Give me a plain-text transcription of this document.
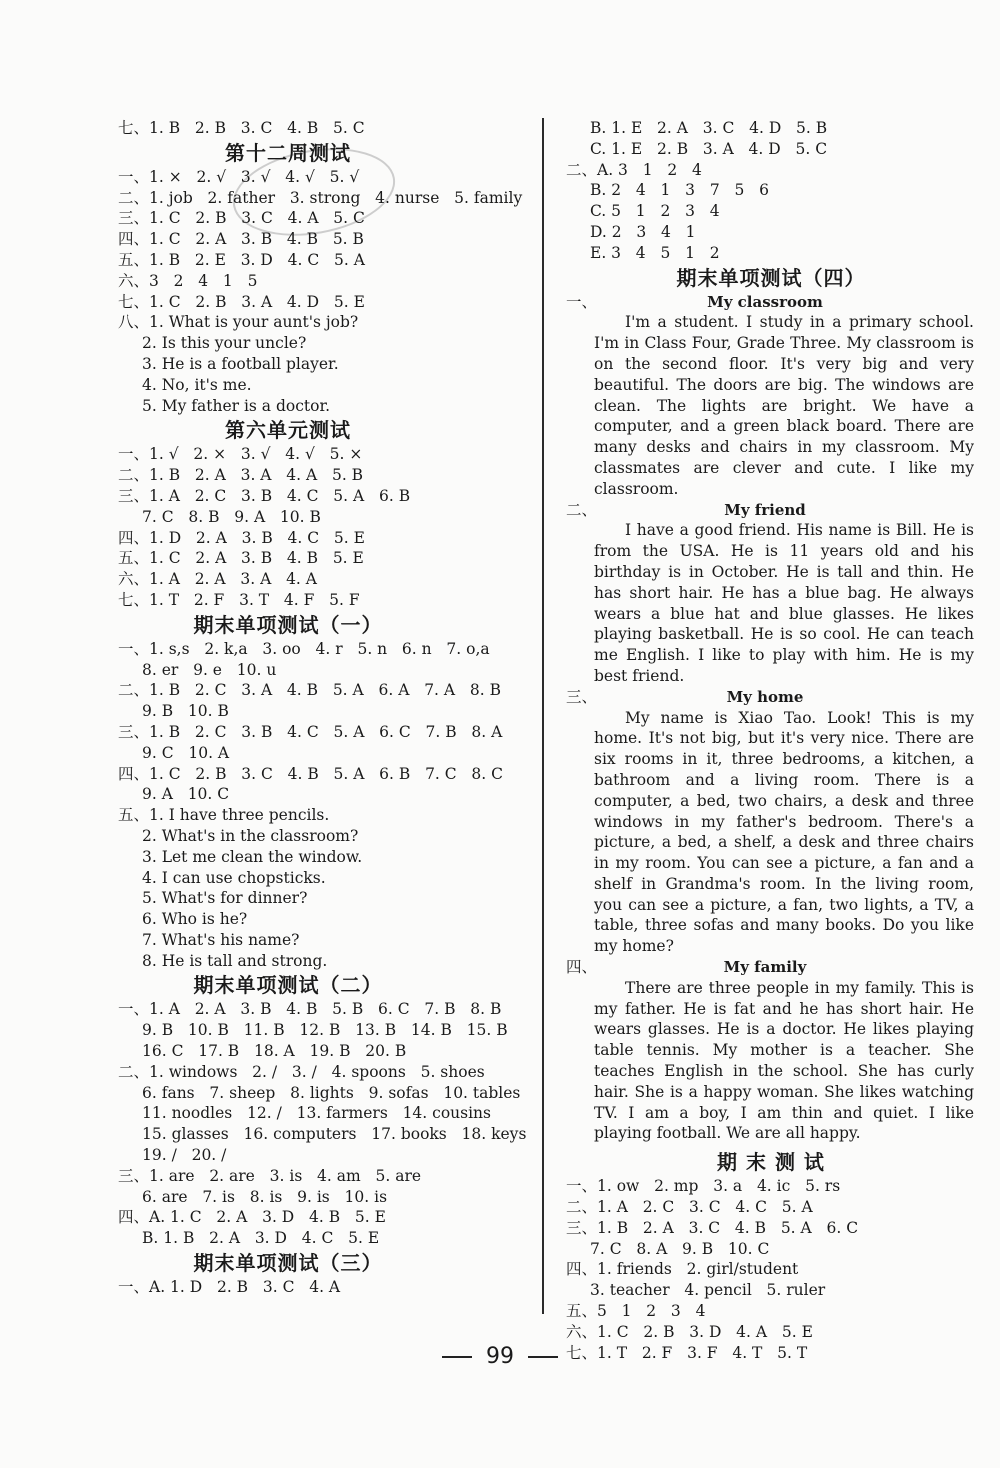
七、1. B   2. B   3. C   4. B   5. C
第十二周测试
一、1. ×   2. √   3. √   4. √   5. √
二、1. job   2. father   3. strong   4. nurse   5. family
三、1. C   2. B   3. C   4. A   5. C
四、1. C   2. A   3. B   4. B   5. B
五、1. B   2. E   3. D   4. C   5. A
六、3   2   4   1   5
七、1. C   2. B   3. A   4. D   5. E
八、1. What is your aunt's job?
2. Is this your uncle?
3. He is a football player.
4. No, it's me.
5. My father is a doctor.
第六单元测试
一、1. √   2. ×   3. √   4. √   5. ×
二、1. B   2. A   3. A   4. A   5. B
三、1. A   2. C   3. B   4. C   5. A   6. B
7. C   8. B   9. A   10. B
四、1. D   2. A   3. B   4. C   5. E
五、1. C   2. A   3. B   4. B   5. E
六、1. A   2. A   3. A   4. A
七、1. T   2. F   3. T   4. F   5. F
期末单项测试（一）
一、1. s,s   2. k,a   3. oo   4. r   5. n   6. n   7. o,a
8. er   9. e   10. u
二、1. B   2. C   3. A   4. B   5. A   6. A   7. A   8. B
9. B   10. B
三、1. B   2. C   3. B   4. C   5. A   6. C   7. B   8. A
9. C   10. A
四、1. C   2. B   3. C   4. B   5. A   6. B   7. C   8. C
9. A   10. C
五、1. I have three pencils.
2. What's in the classroom?
3. Let me clean the window.
4. I can use chopsticks.
5. What's for dinner?
6. Who is he?
7. What's his name?
8. He is tall and strong.
期末单项测试（二）
一、1. A   2. A   3. B   4. B   5. B   6. C   7. B   8. B
9. B   10. B   11. B   12. B   13. B   14. B   15. B
16. C   17. B   18. A   19. B   20. B
二、1. windows   2. /   3. /   4. spoons   5. shoes
6. fans   7. sheep   8. lights   9. sofas   10. tables
11. noodles   12. /   13. farmers   14. cousins
15. glasses   16. computers   17. books   18. keys
19. /   20. /
三、1. are   2. are   3. is   4. am   5. are
6. are   7. is   8. is   9. is   10. is
四、A. 1. C   2. A   3. D   4. B   5. E
B. 1. B   2. A   3. D   4. C   5. E
期末单项测试（三）
一、A. 1. D   2. B   3. C   4. A
B. 1. E   2. A   3. C   4. D   5. B
C. 1. E   2. B   3. A   4. D   5. C
二、A. 3   1   2   4
B. 2   4   1   3   7   5   6
C. 5   1   2   3   4
D. 2   3   4   1
E. 3   4   5   1   2
期末单项测试（四）
一、	My classroom

I'm a student. I study in a primary school. I'm in Class Four, Grade Three. My classroom is on the second floor. It's very big and very beautiful. The doors are big. The windows are clean. The lights are bright. We have a computer, and a green black board. There are many desks and chairs in my classroom. My classmates are clever and cute. I like my classroom.

二、	My friend

I have a good friend. His name is Bill. He is from the USA. He is 11 years old and his birthday is in October. He is tall and thin. He has short hair. He has a blue bag. He always wears a blue hat and blue glasses. He likes playing basketball. He is so cool. He can teach me English. I like to play with him. He is my best friend.

三、	My home

My name is Xiao Tao. Look! This is my home. It's not big, but it's very nice. There are six rooms in it, three bedrooms, a kitchen, a bathroom and a living room. There is a computer, a bed, two chairs, a desk and three windows in my father's bedroom. There's a picture, a bed, a shelf, a desk and three chairs in my room. You can see a picture, a fan and a shelf in Grandma's room. In the living room, you can see a picture, a fan, two lights, a TV, a table, three sofas and many books. Do you like my home?

四、	My family

There are three people in my family. This is my father. He is fat and he has short hair. He wears glasses. He is a doctor. He likes playing table tennis. My mother is a teacher. She teaches English in the school. She has curly hair. She is a happy woman. She likes watching TV. I am a boy, I am thin and quiet. I like playing football. We are all happy.

期 末 测 试
一、1. ow   2. mp   3. a   4. ic   5. rs
二、1. A   2. C   3. C   4. C   5. A
三、1. B   2. A   3. C   4. B   5. A   6. C
7. C   8. A   9. B   10. C
四、1. friends   2. girl/student
3. teacher   4. pencil   5. ruler
五、5   1   2   3   4
六、1. C   2. B   3. D   4. A   5. E
七、1. T   2. F   3. F   4. T   5. T
99
